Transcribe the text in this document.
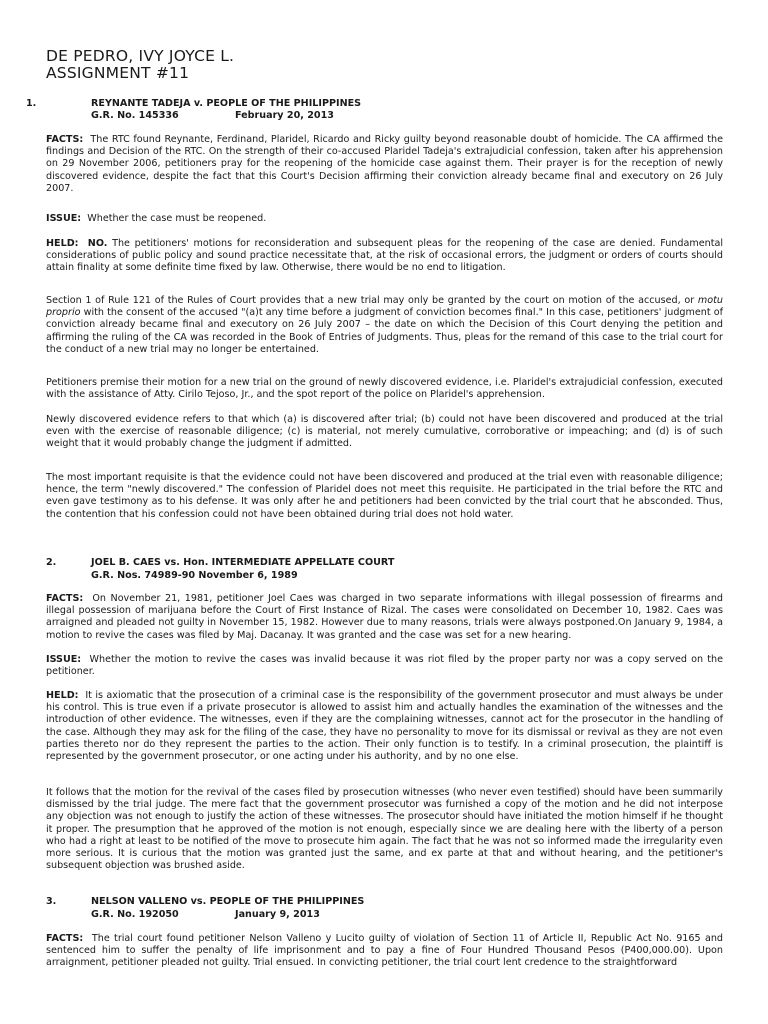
DE PEDRO, IVY JOYCE L.
ASSIGNMENT #11
1.	REYNANTE TADEJA v. PEOPLE OF THE PHILIPPINES
G.R. No. 145336	February 20, 2013
FACTS: The RTC found Reynante, Ferdinand, Plaridel, Ricardo and Ricky guilty beyond reasonable doubt of homicide. The CA affirmed the findings and Decision of the RTC. On the strength of their co-accused Plaridel Tadeja's extrajudicial confession, taken after his apprehension on 29 November 2006, petitioners pray for the reopening of the homicide case against them. Their prayer is for the reception of newly discovered evidence, despite the fact that this Court's Decision affirming their conviction already became final and executory on 26 July 2007.
ISSUE: Whether the case must be reopened.
HELD: NO. The petitioners' motions for reconsideration and subsequent pleas for the reopening of the case are denied. Fundamental considerations of public policy and sound practice necessitate that, at the risk of occasional errors, the judgment or orders of courts should attain finality at some definite time fixed by law. Otherwise, there would be no end to litigation.
Section 1 of Rule 121 of the Rules of Court provides that a new trial may only be granted by the court on motion of the accused, or motu proprio with the consent of the accused "(a)t any time before a judgment of conviction becomes final." In this case, petitioners' judgment of conviction already became final and executory on 26 July 2007 – the date on which the Decision of this Court denying the petition and affirming the ruling of the CA was recorded in the Book of Entries of Judgments. Thus, pleas for the remand of this case to the trial court for the conduct of a new trial may no longer be entertained.
Petitioners premise their motion for a new trial on the ground of newly discovered evidence, i.e. Plaridel's extrajudicial confession, executed with the assistance of Atty. Cirilo Tejoso, Jr., and the spot report of the police on Plaridel's apprehension.
Newly discovered evidence refers to that which (a) is discovered after trial; (b) could not have been discovered and produced at the trial even with the exercise of reasonable diligence; (c) is material, not merely cumulative, corroborative or impeaching; and (d) is of such weight that it would probably change the judgment if admitted.
The most important requisite is that the evidence could not have been discovered and produced at the trial even with reasonable diligence; hence, the term "newly discovered." The confession of Plaridel does not meet this requisite. He participated in the trial before the RTC and even gave testimony as to his defense. It was only after he and petitioners had been convicted by the trial court that he absconded. Thus, the contention that his confession could not have been obtained during trial does not hold water.
2.	JOEL B. CAES vs. Hon. INTERMEDIATE APPELLATE COURT
G.R. Nos. 74989-90 November 6, 1989
FACTS: On November 21, 1981, petitioner Joel Caes was charged in two separate informations with illegal possession of firearms and illegal possession of marijuana before the Court of First Instance of Rizal. The cases were consolidated on December 10, 1982. Caes was arraigned and pleaded not guilty in November 15, 1982. However due to many reasons, trials were always postponed.On January 9, 1984, a motion to revive the cases was filed by Maj. Dacanay. It was granted and the case was set for a new hearing.
ISSUE: Whether the motion to revive the cases was invalid because it was riot filed by the proper party nor was a copy served on the petitioner.
HELD: It is axiomatic that the prosecution of a criminal case is the responsibility of the government prosecutor and must always be under his control. This is true even if a private prosecutor is allowed to assist him and actually handles the examination of the witnesses and the introduction of other evidence. The witnesses, even if they are the complaining witnesses, cannot act for the prosecutor in the handling of the case. Although they may ask for the filing of the case, they have no personality to move for its dismissal or revival as they are not even parties thereto nor do they represent the parties to the action. Their only function is to testify. In a criminal prosecution, the plaintiff is represented by the government prosecutor, or one acting under his authority, and by no one else.
It follows that the motion for the revival of the cases filed by prosecution witnesses (who never even testified) should have been summarily dismissed by the trial judge. The mere fact that the government prosecutor was furnished a copy of the motion and he did not interpose any objection was not enough to justify the action of these witnesses. The prosecutor should have initiated the motion himself if he thought it proper. The presumption that he approved of the motion is not enough, especially since we are dealing here with the liberty of a person who had a right at least to be notified of the move to prosecute him again. The fact that he was not so informed made the irregularity even more serious. It is curious that the motion was granted just the same, and ex parte at that and without hearing, and the petitioner's subsequent objection was brushed aside.
3.	NELSON VALLENO vs. PEOPLE OF THE PHILIPPINES
G.R. No. 192050	January 9, 2013
FACTS: The trial court found petitioner Nelson Valleno y Lucito guilty of violation of Section 11 of Article II, Republic Act No. 9165 and sentenced him to suffer the penalty of life imprisonment and to pay a fine of Four Hundred Thousand Pesos (P400,000.00). Upon arraignment, petitioner pleaded not guilty. Trial ensued. In convicting petitioner, the trial court lent credence to the straightforward
